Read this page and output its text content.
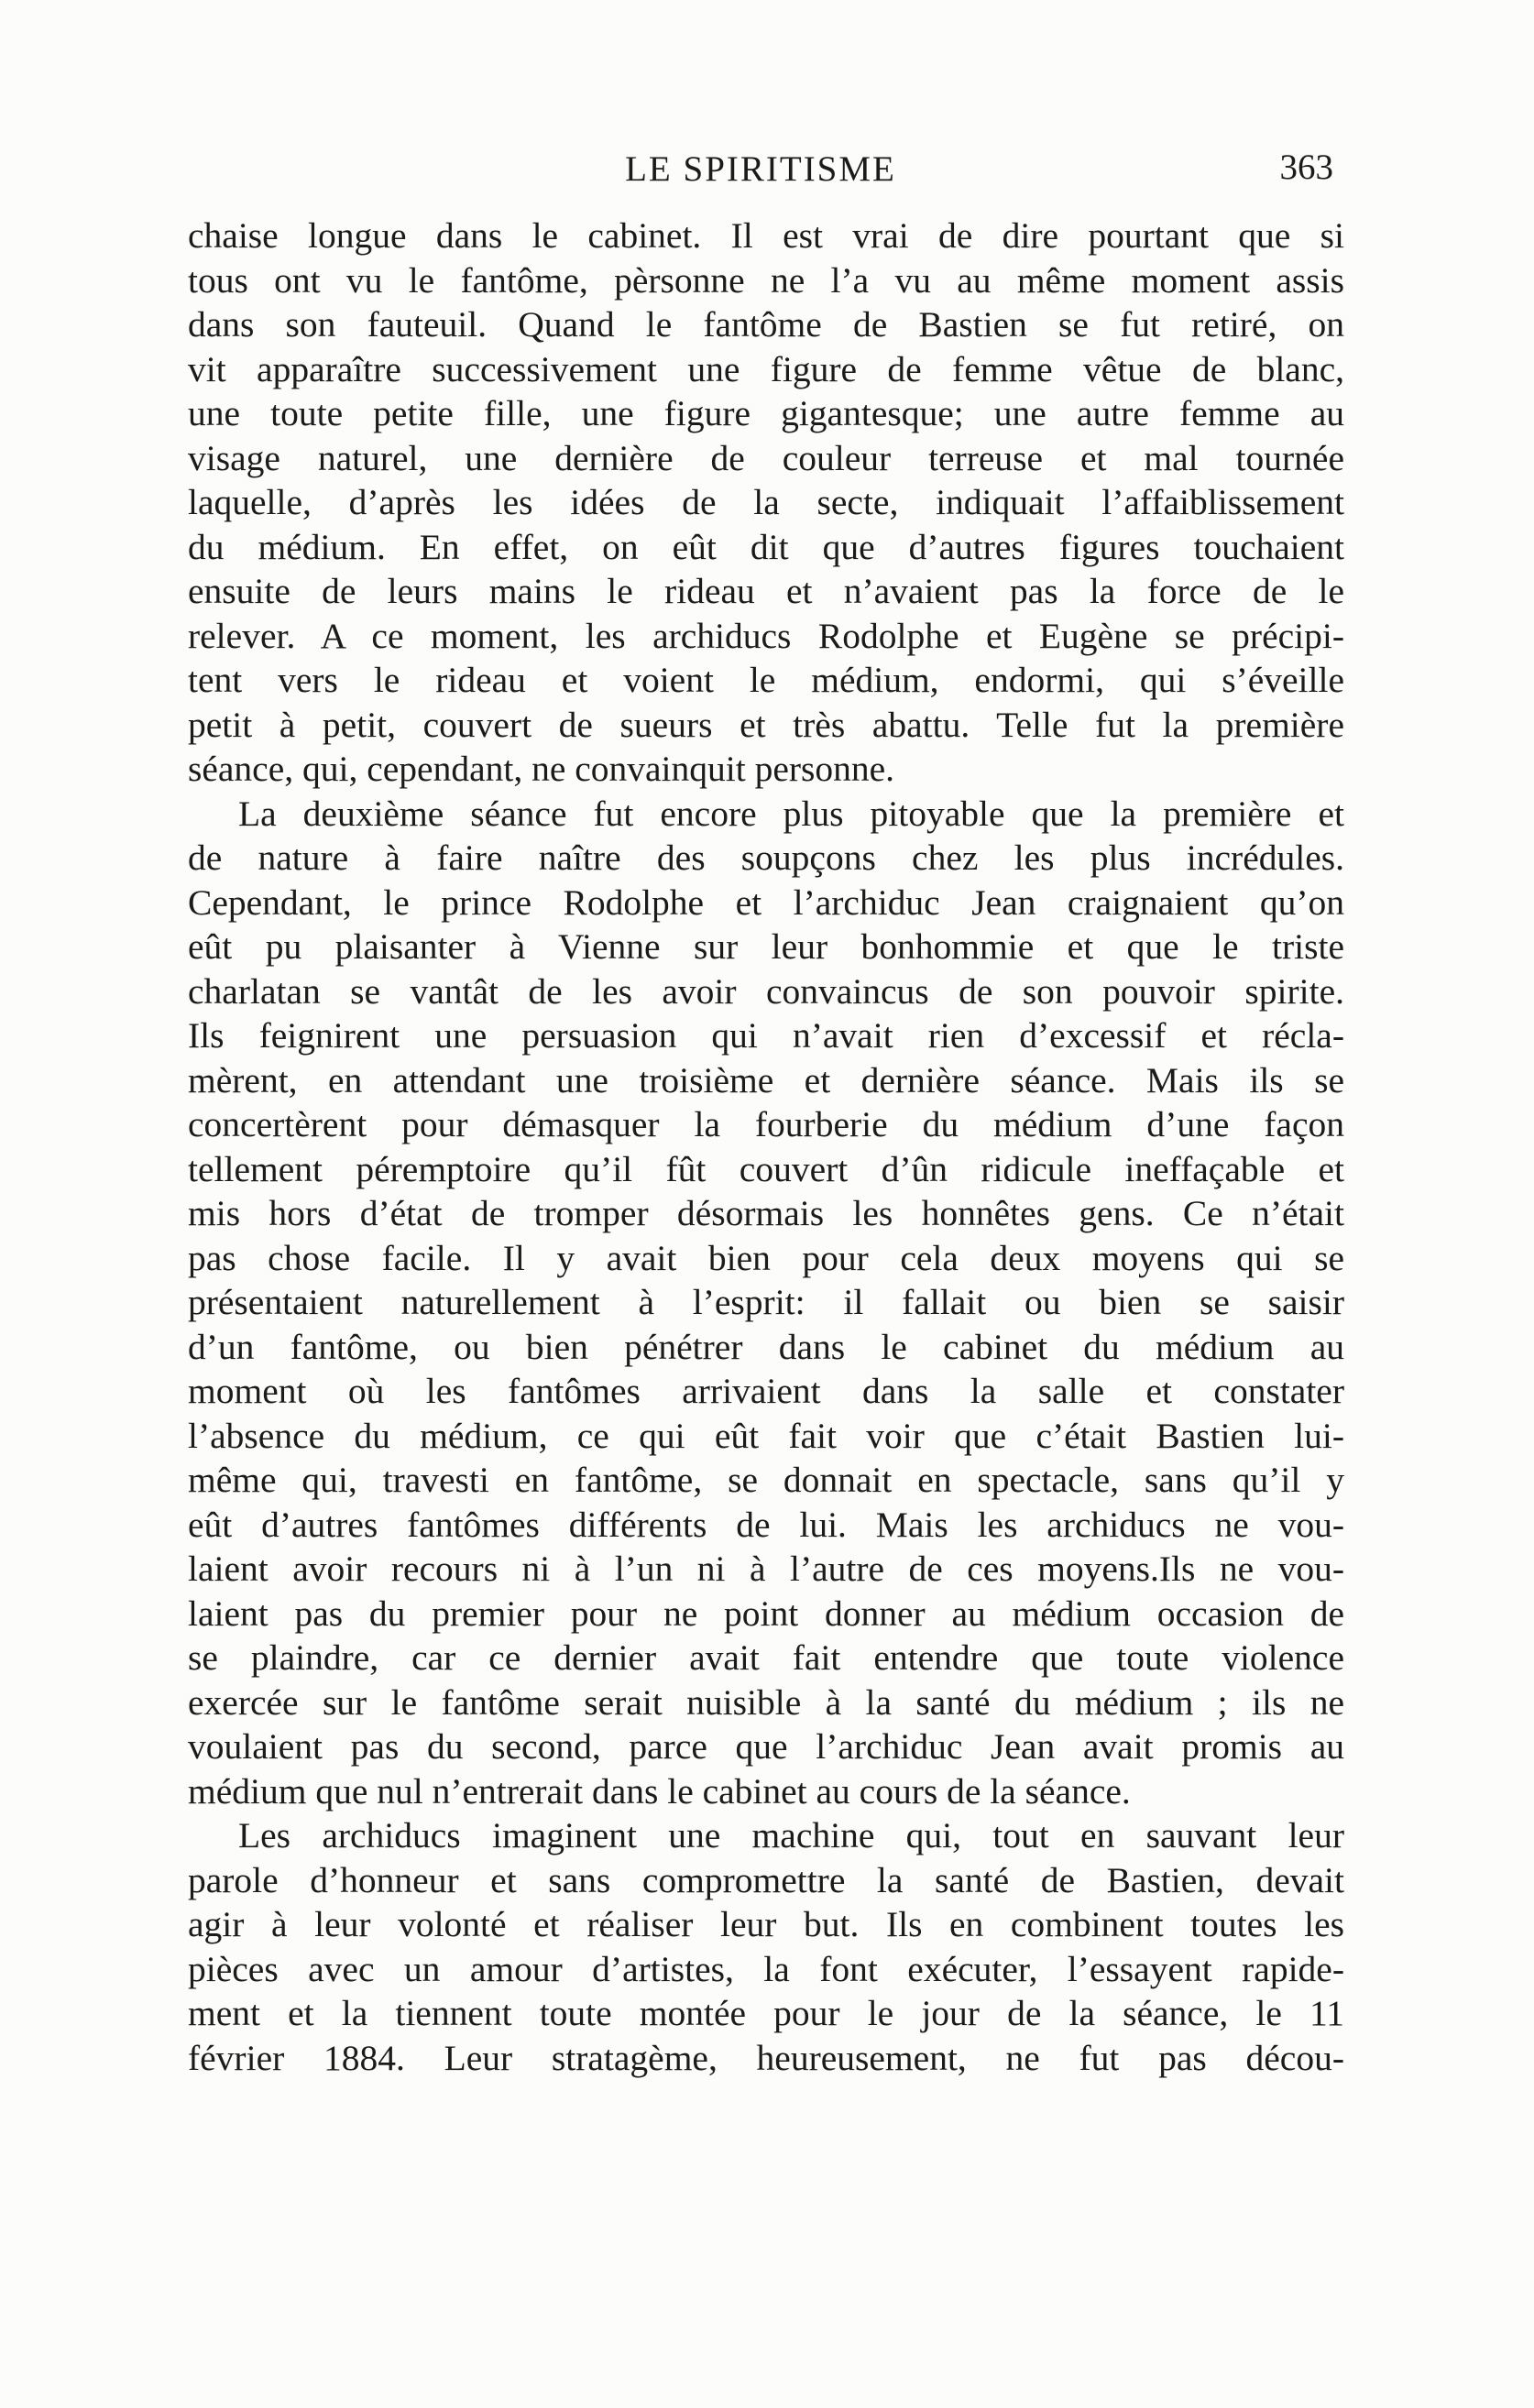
LE SPIRITISME	363
chaise longue dans le cabinet. Il est vrai de dire pourtant que si
tous ont vu le fantôme, pèrsonne ne l’a vu au même moment assis
dans son fauteuil. Quand le fantôme de Bastien se fut retiré, on
vit apparaître successivement une figure de femme vêtue de blanc,
une toute petite fille, une figure gigantesque; une autre femme au
visage naturel, une dernière de couleur terreuse et mal tournée
laquelle, d’après les idées de la secte, indiquait l’affaiblissement
du médium. En effet, on eût dit que d’autres figures touchaient
ensuite de leurs mains le rideau et n’avaient pas la force de le
relever. A ce moment, les archiducs Rodolphe et Eugène se précipi-
tent vers le rideau et voient le médium, endormi, qui s’éveille
petit à petit, couvert de sueurs et très abattu. Telle fut la première
séance, qui, cependant, ne convainquit personne.
La deuxième séance fut encore plus pitoyable que la première et
de nature à faire naître des soupçons chez les plus incrédules.
Cependant, le prince Rodolphe et l’archiduc Jean craignaient qu’on
eût pu plaisanter à Vienne sur leur bonhommie et que le triste
charlatan se vantât de les avoir convaincus de son pouvoir spirite.
Ils feignirent une persuasion qui n’avait rien d’excessif et récla-
mèrent, en attendant une troisième et dernière séance. Mais ils se
concertèrent pour démasquer la fourberie du médium d’une façon
tellement péremptoire qu’il fût couvert d’ûn ridicule ineffaçable et
mis hors d’état de tromper désormais les honnêtes gens. Ce n’était
pas chose facile. Il y avait bien pour cela deux moyens qui se
présentaient naturellement à l’esprit: il fallait ou bien se saisir
d’un fantôme, ou bien pénétrer dans le cabinet du médium au
moment où les fantômes arrivaient dans la salle et constater
l’absence du médium, ce qui eût fait voir que c’était Bastien lui-
même qui, travesti en fantôme, se donnait en spectacle, sans qu’il y
eût d’autres fantômes différents de lui. Mais les archiducs ne vou-
laient avoir recours ni à l’un ni à l’autre de ces moyens.Ils ne vou-
laient pas du premier pour ne point donner au médium occasion de
se plaindre, car ce dernier avait fait entendre que toute violence
exercée sur le fantôme serait nuisible à la santé du médium ; ils ne
voulaient pas du second, parce que l’archiduc Jean avait promis au
médium que nul n’entrerait dans le cabinet au cours de la séance.
Les archiducs imaginent une machine qui, tout en sauvant leur
parole d’honneur et sans compromettre la santé de Bastien, devait
agir à leur volonté et réaliser leur but. Ils en combinent toutes les
pièces avec un amour d’artistes, la font exécuter, l’essayent rapide-
ment et la tiennent toute montée pour le jour de la séance, le 11
février 1884. Leur stratagème, heureusement, ne fut pas décou-
